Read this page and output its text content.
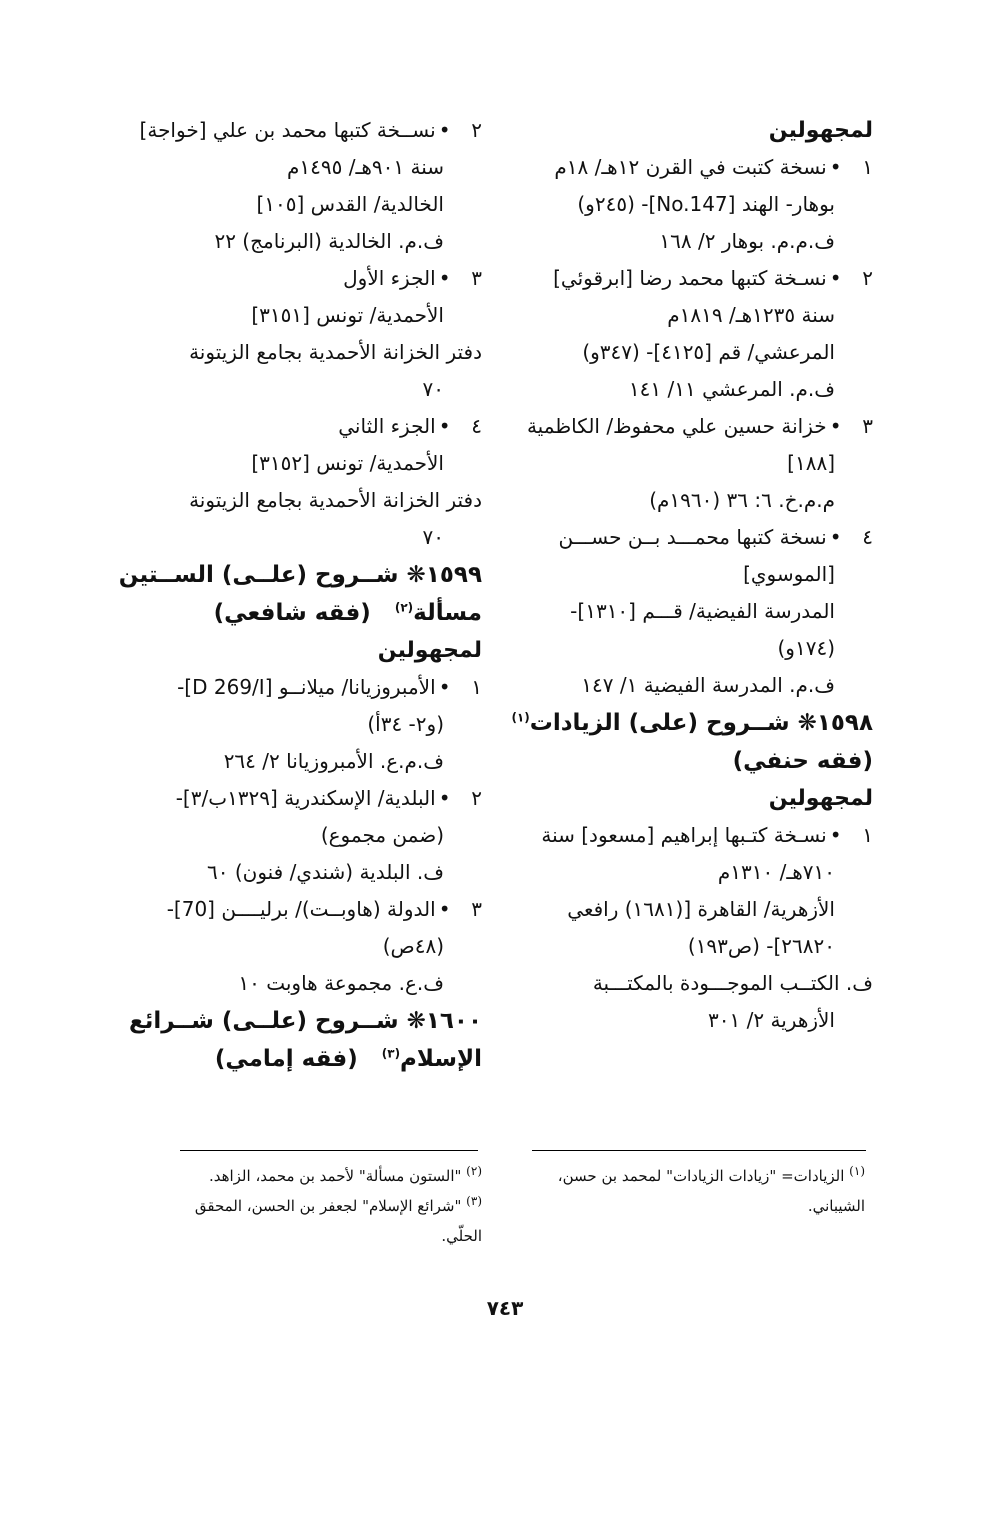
لمجهولين
١ •نسخة كتبت في القرن ١٢هـ/ ١٨م
بوهار- الهند [No.147]- (٢٤٥و)
ف.م.م. بوهار ٢/ ١٦٨
٢ •نسـخة كتبها محمد رضا [ابرقوئي]
سنة ١٢٣٥هـ/ ١٨١٩م
المرعشي/ قم [٤١٢٥]- (٣٤٧و)
ف.م. المرعشي ١١/ ١٤١
٣ •خزانة حسين علي محفوظ/ الكاظمية
[١٨٨]
م.م.خ. ٦: ٣٦ (١٩٦٠م)
٤ •نسخة كتبها محمـــد بــن حســـن
[الموسوي]
المدرسة الفيضية/ قـــم [١٣١٠]-
(١٧٤و)
ف.م. المدرسة الفيضية ١/ ١٤٧
١٥٩٨❋ شــروح (على) الزيادات$^{(١)}$
(فقه حنفي)
لمجهولين
١ •نسـخة كتـبها إبراهيم [مسعود] سنة
٧١٠هـ/ ١٣١٠م
الأزهرية/ القاهرة [(١٦٨١) رافعي
٢٦٨٢٠]- (ص١٩٣)
ف. الكتــب الموجـــودة بالمكتـــبة
الأزهرية ٢/ ٣٠١
٢ •نســخة كتبها محمد بن علي [خواجة]
سنة ٩٠١هـ/ ١٤٩٥م
الخالدية/ القدس [١٠٥]
ف.م. الخالدية (البرنامج) ٢٢
٣ •الجزء الأول
الأحمدية/ تونس [٣١٥١]
دفتر الخزانة الأحمدية بجامع الزيتونة
٧٠
٤ •الجزء الثاني
الأحمدية/ تونس [٣١٥٢]
دفتر الخزانة الأحمدية بجامع الزيتونة
٧٠
١٥٩٩❋ شــروح (علــى) الســتين
مسألة$^{(٢)}$   (فقه شافعي)
لمجهولين
١ •الأمبروزيانا/ ميلانــو [D 269/I]-
(و٢- ٣٤أ)
ف.م.ع. الأمبروزيانا ٢/ ٢٦٤
٢ •البلدية/ الإسكندرية [١٣٢٩ب/٣]-
(ضمن مجموع)
ف. البلدية (شندي/ فنون) ٦٠
٣ •الدولة (هاوبــت)/ برليــــن [70]-
(٤٨ص)
ف.ع. مجموعة هاوبت ١٠
١٦٠٠❋ شــروح (علــى) شــرائع
الإسلام$^{(٣)}$   (فقه إمامي)
$^{(١)}$ الزيادات= "زيادات الزيادات" لمحمد بن حسن،
الشيباني.
$^{(٢)}$ "الستون مسألة" لأحمد بن محمد، الزاهد.
$^{(٣)}$ "شرائع الإسلام" لجعفر بن الحسن، المحقق الحلّي.
٧٤٣
